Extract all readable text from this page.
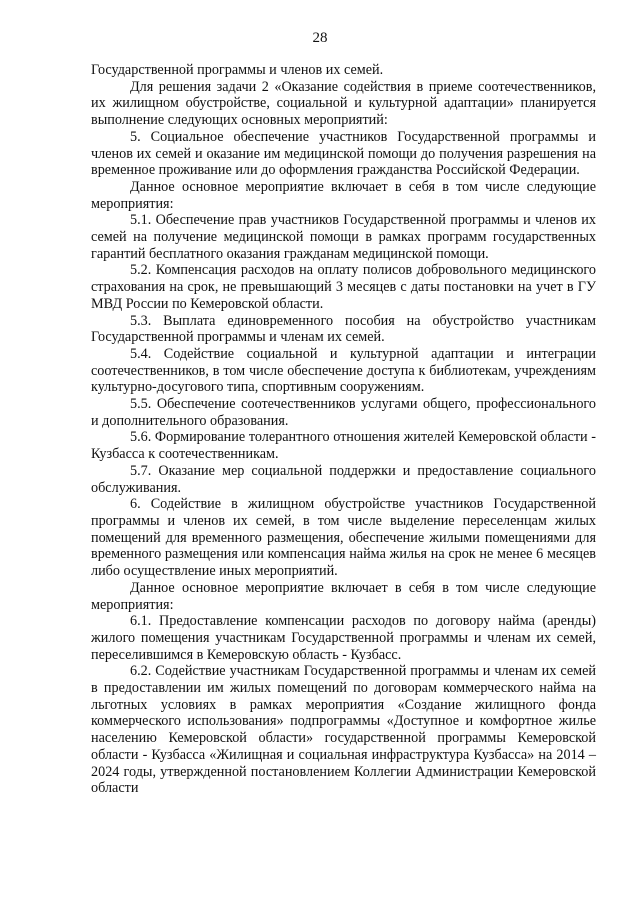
28

Государственной программы и членов их семей.

Для решения задачи 2 «Оказание содействия в приеме соотечественников, их жилищном обустройстве, социальной и культурной адаптации» планируется выполнение следующих основных мероприятий:

5. Социальное обеспечение участников Государственной программы и членов их семей и оказание им медицинской помощи до получения разрешения на временное проживание или до оформления гражданства Российской Федерации.

Данное основное мероприятие включает в себя в том числе следующие мероприятия:

5.1. Обеспечение прав участников Государственной программы и членов их семей на получение медицинской помощи в рамках программ государственных гарантий бесплатного оказания гражданам медицинской помощи.

5.2. Компенсация расходов на оплату полисов добровольного медицинского страхования на срок, не превышающий 3 месяцев с даты постановки на учет в ГУ МВД России по Кемеровской области.

5.3. Выплата единовременного пособия на обустройство участникам Государственной программы и членам их семей.

5.4. Содействие социальной и культурной адаптации и интеграции соотечественников, в том числе обеспечение доступа к библиотекам, учреждениям культурно-досугового типа, спортивным сооружениям.

5.5. Обеспечение соотечественников услугами общего, профессионального и дополнительного образования.

5.6. Формирование толерантного отношения жителей Кемеровской области - Кузбасса к соотечественникам.

5.7. Оказание мер социальной поддержки и предоставление социального обслуживания.

6. Содействие в жилищном обустройстве участников Государственной программы и членов их семей, в том числе выделение переселенцам жилых помещений для временного размещения, обеспечение жилыми помещениями для временного размещения или компенсация найма жилья на срок не менее 6 месяцев либо осуществление иных мероприятий.

Данное основное мероприятие включает в себя в том числе следующие мероприятия:

6.1. Предоставление компенсации расходов по договору найма (аренды) жилого помещения участникам Государственной программы и членам их семей, переселившимся в Кемеровскую область - Кузбасс.

6.2. Содействие участникам Государственной программы и членам их семей в предоставлении им жилых помещений по договорам коммерческого найма на льготных условиях в рамках мероприятия «Создание жилищного фонда коммерческого использования» подпрограммы «Доступное и комфортное жилье населению Кемеровской области» государственной программы Кемеровской области - Кузбасса «Жилищная и социальная инфраструктура Кузбасса» на 2014 – 2024 годы, утвержденной постановлением Коллегии Администрации Кемеровской области
